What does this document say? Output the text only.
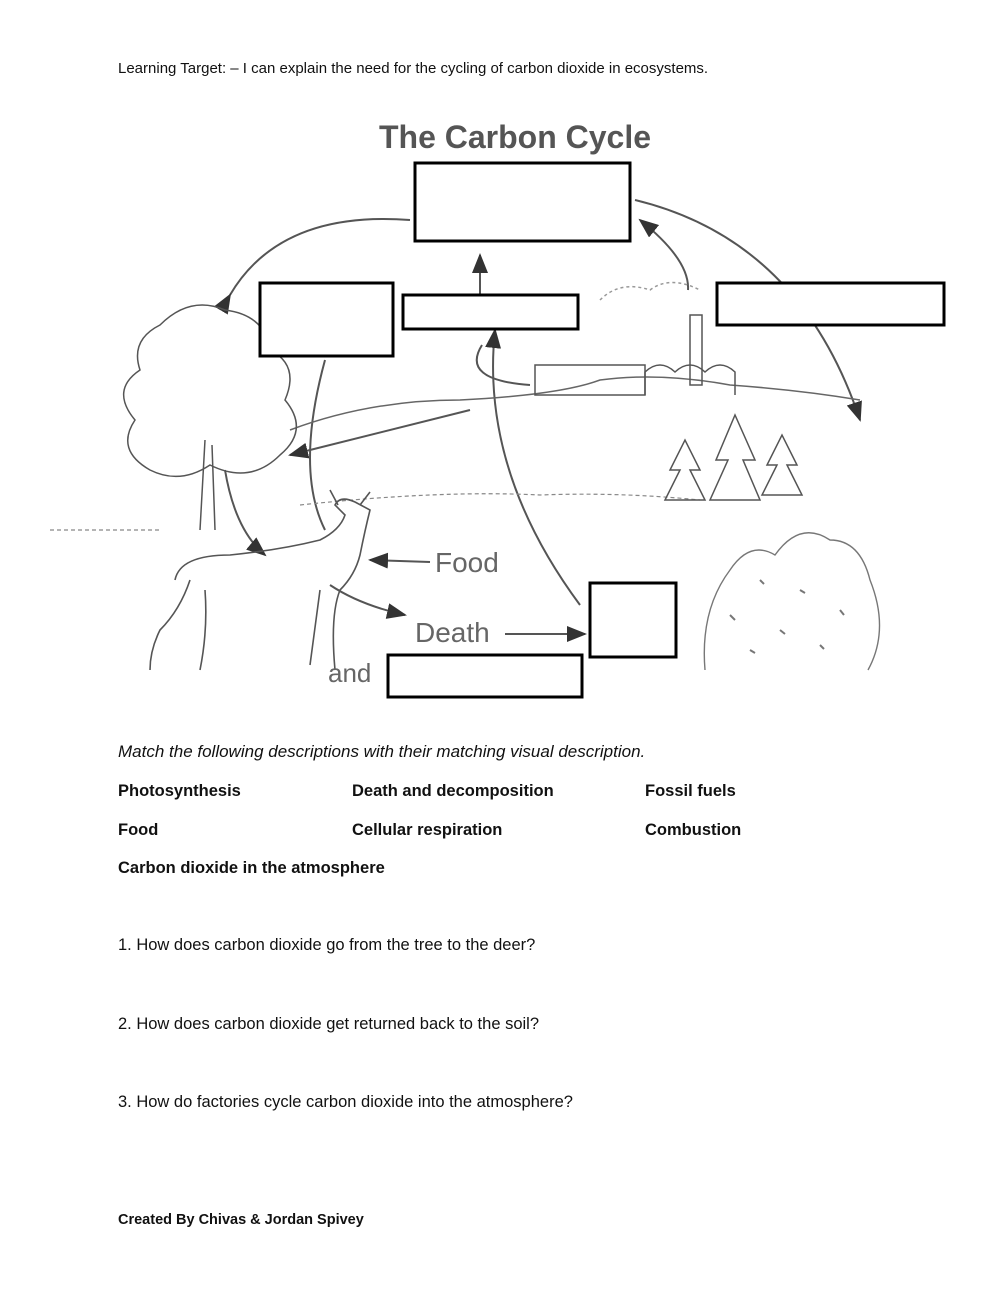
Learning Target: – I can explain the need for the cycling of carbon dioxide in ecosystems.
The Carbon Cycle
Food
Death
and
Match the following descriptions with their matching visual description.
Photosynthesis	Death and decomposition	Fossil fuels
Food	Cellular respiration	Combustion
Carbon dioxide in the atmosphere
1. How does carbon dioxide go from the tree to the deer?
2. How does carbon dioxide get returned back to the soil?
3. How do factories cycle carbon dioxide into the atmosphere?
Created By Chivas & Jordan Spivey
